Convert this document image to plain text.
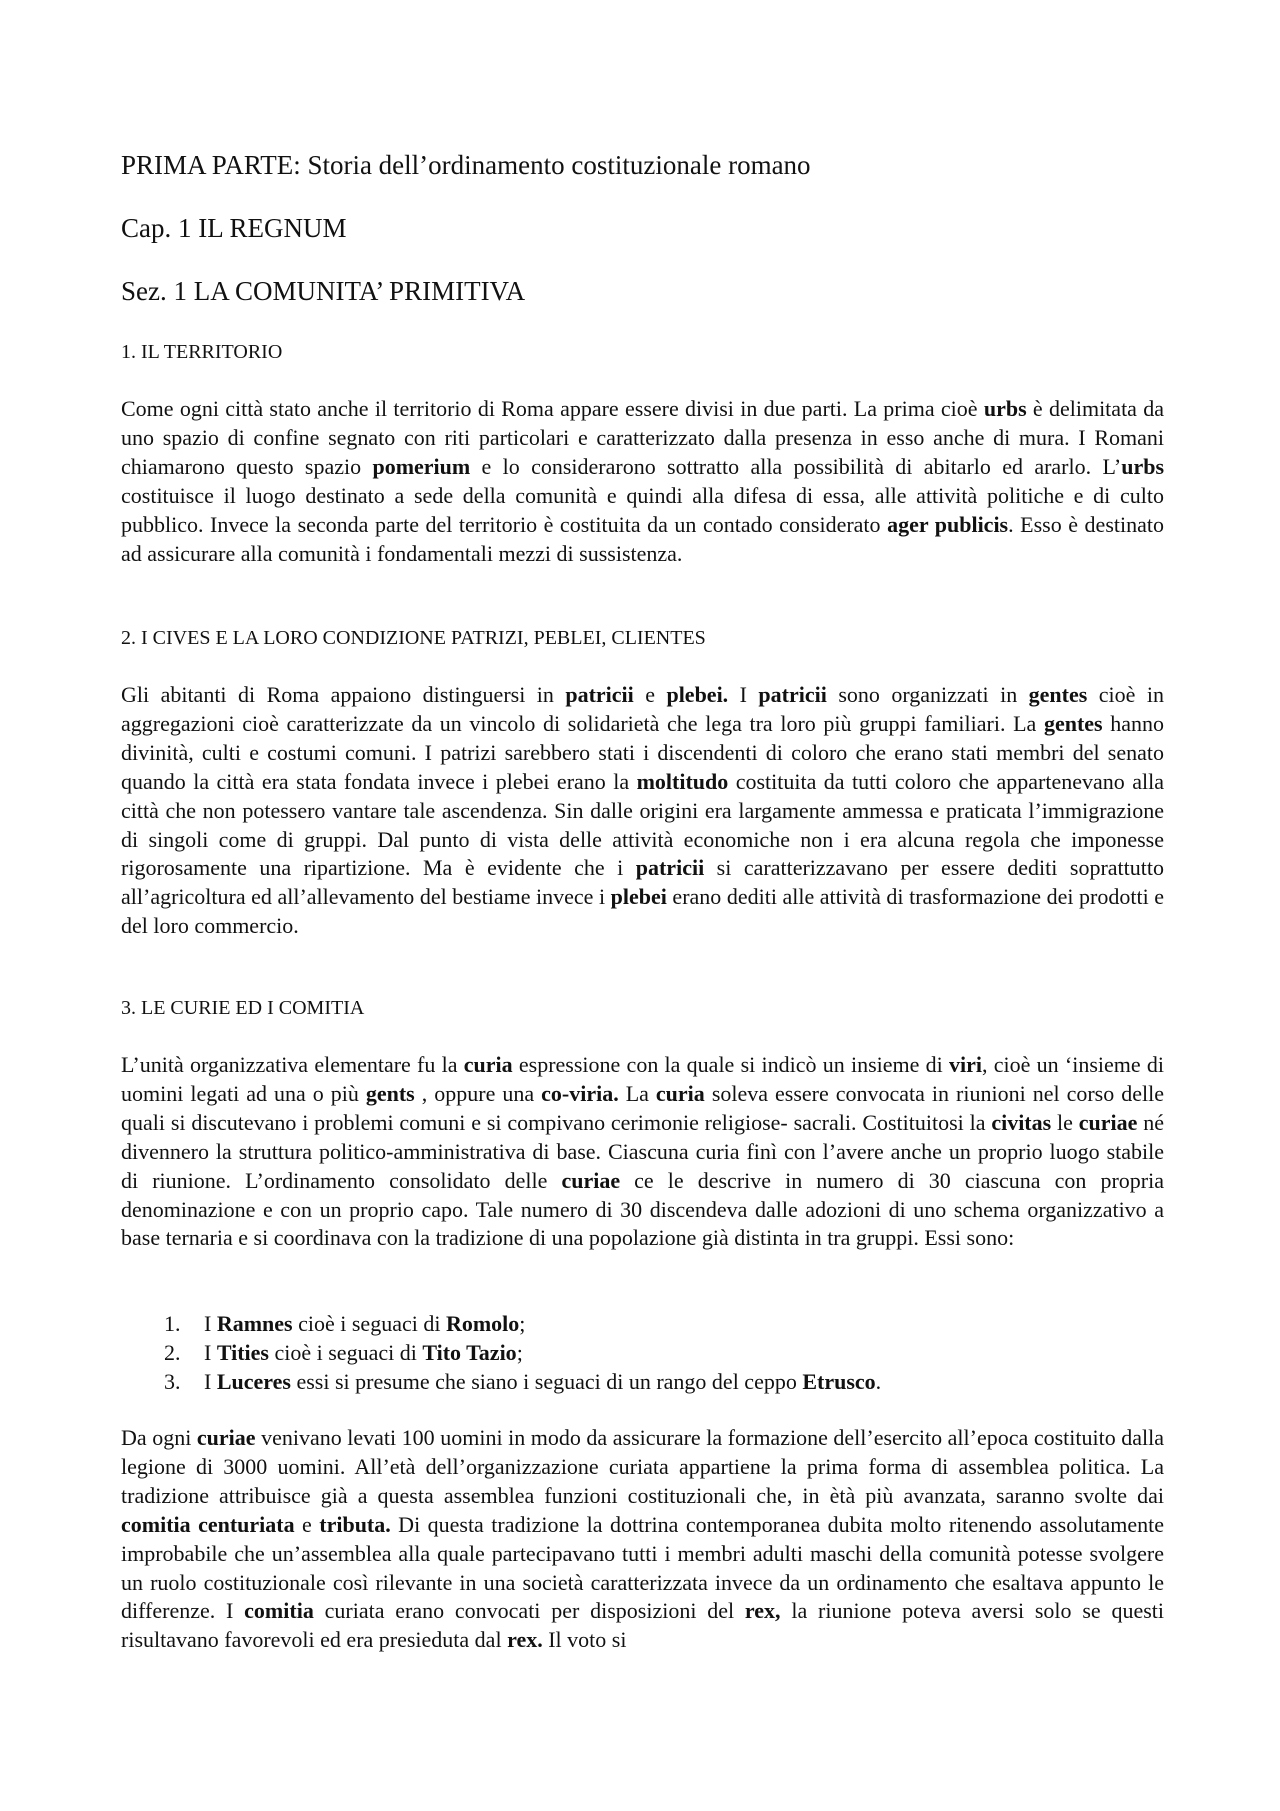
PRIMA PARTE: Storia dell’ordinamento costituzionale romano
Cap. 1 IL REGNUM
Sez. 1 LA COMUNITA’ PRIMITIVA
1. IL TERRITORIO

Come ogni città stato anche il territorio di Roma appare essere divisi in due parti. La prima cioè urbs è delimitata da uno spazio di confine segnato con riti particolari e caratterizzato dalla presenza in esso anche di mura. I Romani chiamarono questo spazio pomerium e lo considerarono sottratto alla possibilità di abitarlo ed ararlo. L’urbs costituisce il luogo destinato a sede della comunità e quindi alla difesa di essa, alle attività politiche e di culto pubblico. Invece la seconda parte del territorio è costituita da un contado considerato ager publicis. Esso è destinato ad assicurare alla comunità i fondamentali mezzi di sussistenza.

2. I CIVES E LA LORO CONDIZIONE PATRIZI, PEBLEI, CLIENTES

Gli abitanti di Roma appaiono distinguersi in patricii e plebei. I patricii sono organizzati in gentes cioè in aggregazioni cioè caratterizzate da un vincolo di solidarietà che lega tra loro più gruppi familiari. La gentes hanno divinità, culti e costumi comuni. I patrizi sarebbero stati i discendenti di coloro che erano stati membri del senato quando la città era stata fondata invece i plebei erano la moltitudo costituita da tutti coloro che appartenevano alla città che non potessero vantare tale ascendenza. Sin dalle origini era largamente ammessa e praticata l’immigrazione di singoli come di gruppi. Dal punto di vista delle attività economiche non i era alcuna regola che imponesse rigorosamente una ripartizione. Ma è evidente che i patricii si caratterizzavano per essere dediti soprattutto all’agricoltura ed all’allevamento del bestiame invece i plebei erano dediti alle attività di trasformazione dei prodotti e del loro commercio.

3. LE CURIE ED I COMITIA

L’unità organizzativa elementare fu la curia espressione con la quale si indicò un insieme di viri, cioè un ‘insieme di uomini legati ad una o più gents , oppure una co-viria. La curia soleva essere convocata in riunioni nel corso delle quali si discutevano i problemi comuni e si compivano cerimonie religiose- sacrali. Costituitosi la civitas le curiae né divennero la struttura politico-amministrativa di base. Ciascuna curia finì con l’avere anche un proprio luogo stabile di riunione. L’ordinamento consolidato delle curiae ce le descrive in numero di 30 ciascuna con propria denominazione e con un proprio capo. Tale numero di 30 discendeva dalle adozioni di uno schema organizzativo a base ternaria e si coordinava con la tradizione di una popolazione già distinta in tra gruppi. Essi sono:

1. I Ramnes cioè i seguaci di Romolo;
2. I Tities cioè i seguaci di Tito Tazio;
3. I Luceres essi si presume che siano i seguaci di un rango del ceppo Etrusco.

Da ogni curiae venivano levati 100 uomini in modo da assicurare la formazione dell’esercito all’epoca costituito dalla legione di 3000 uomini. All’età dell’organizzazione curiata appartiene la prima forma di assemblea politica. La tradizione attribuisce già a questa assemblea funzioni costituzionali che, in ètà più avanzata, saranno svolte dai comitia centuriata e tributa. Di questa tradizione la dottrina contemporanea dubita molto ritenendo assolutamente improbabile che un’assemblea alla quale partecipavano tutti i membri adulti maschi della comunità potesse svolgere un ruolo costituzionale così rilevante in una società caratterizzata invece da un ordinamento che esaltava appunto le differenze. I comitia curiata erano convocati per disposizioni del rex, la riunione poteva aversi solo se questi risultavano favorevoli ed era presieduta dal rex. Il voto si
